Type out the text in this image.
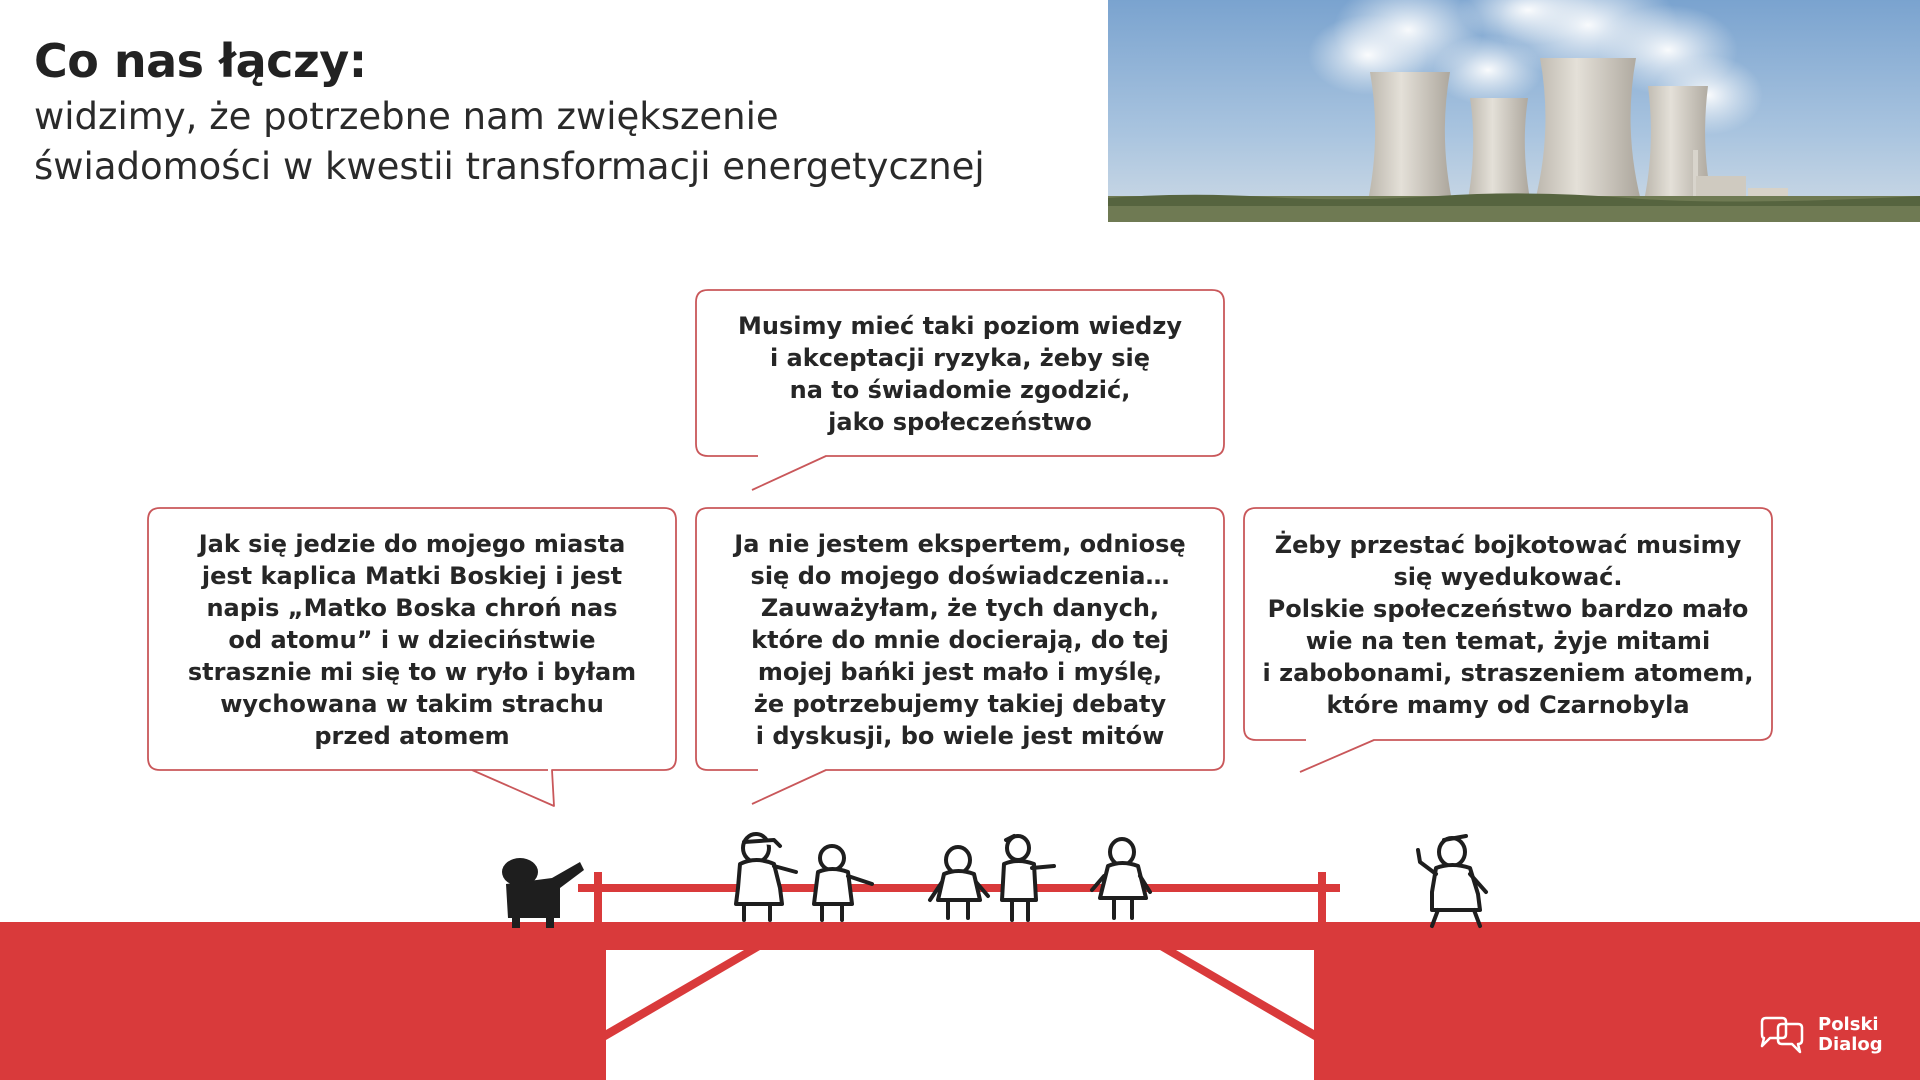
Co nas łączy:
widzimy, że potrzebne nam zwiększenie
świadomości w kwestii transformacji energetycznej

Musimy mieć taki poziom wiedzy
i akceptacji ryzyka, żeby się
na to świadomie zgodzić,
jako społeczeństwo

Jak się jedzie do mojego miasta
jest kaplica Matki Boskiej i jest
napis „Matko Boska chroń nas
od atomu” i w dzieciństwie
strasznie mi się to w ryło i byłam
wychowana w takim strachu
przed atomem

Ja nie jestem ekspertem, odniosę
się do mojego doświadczenia…
Zauważyłam, że tych danych,
które do mnie docierają, do tej
mojej bańki jest mało i myślę,
że potrzebujemy takiej debaty
i dyskusji, bo wiele jest mitów

Żeby przestać bojkotować musimy
się wyedukować.
Polskie społeczeństwo bardzo mało
wie na ten temat, żyje mitami
i zabobonami, straszeniem atomem,
które mamy od Czarnobyla

Polski
Dialog
